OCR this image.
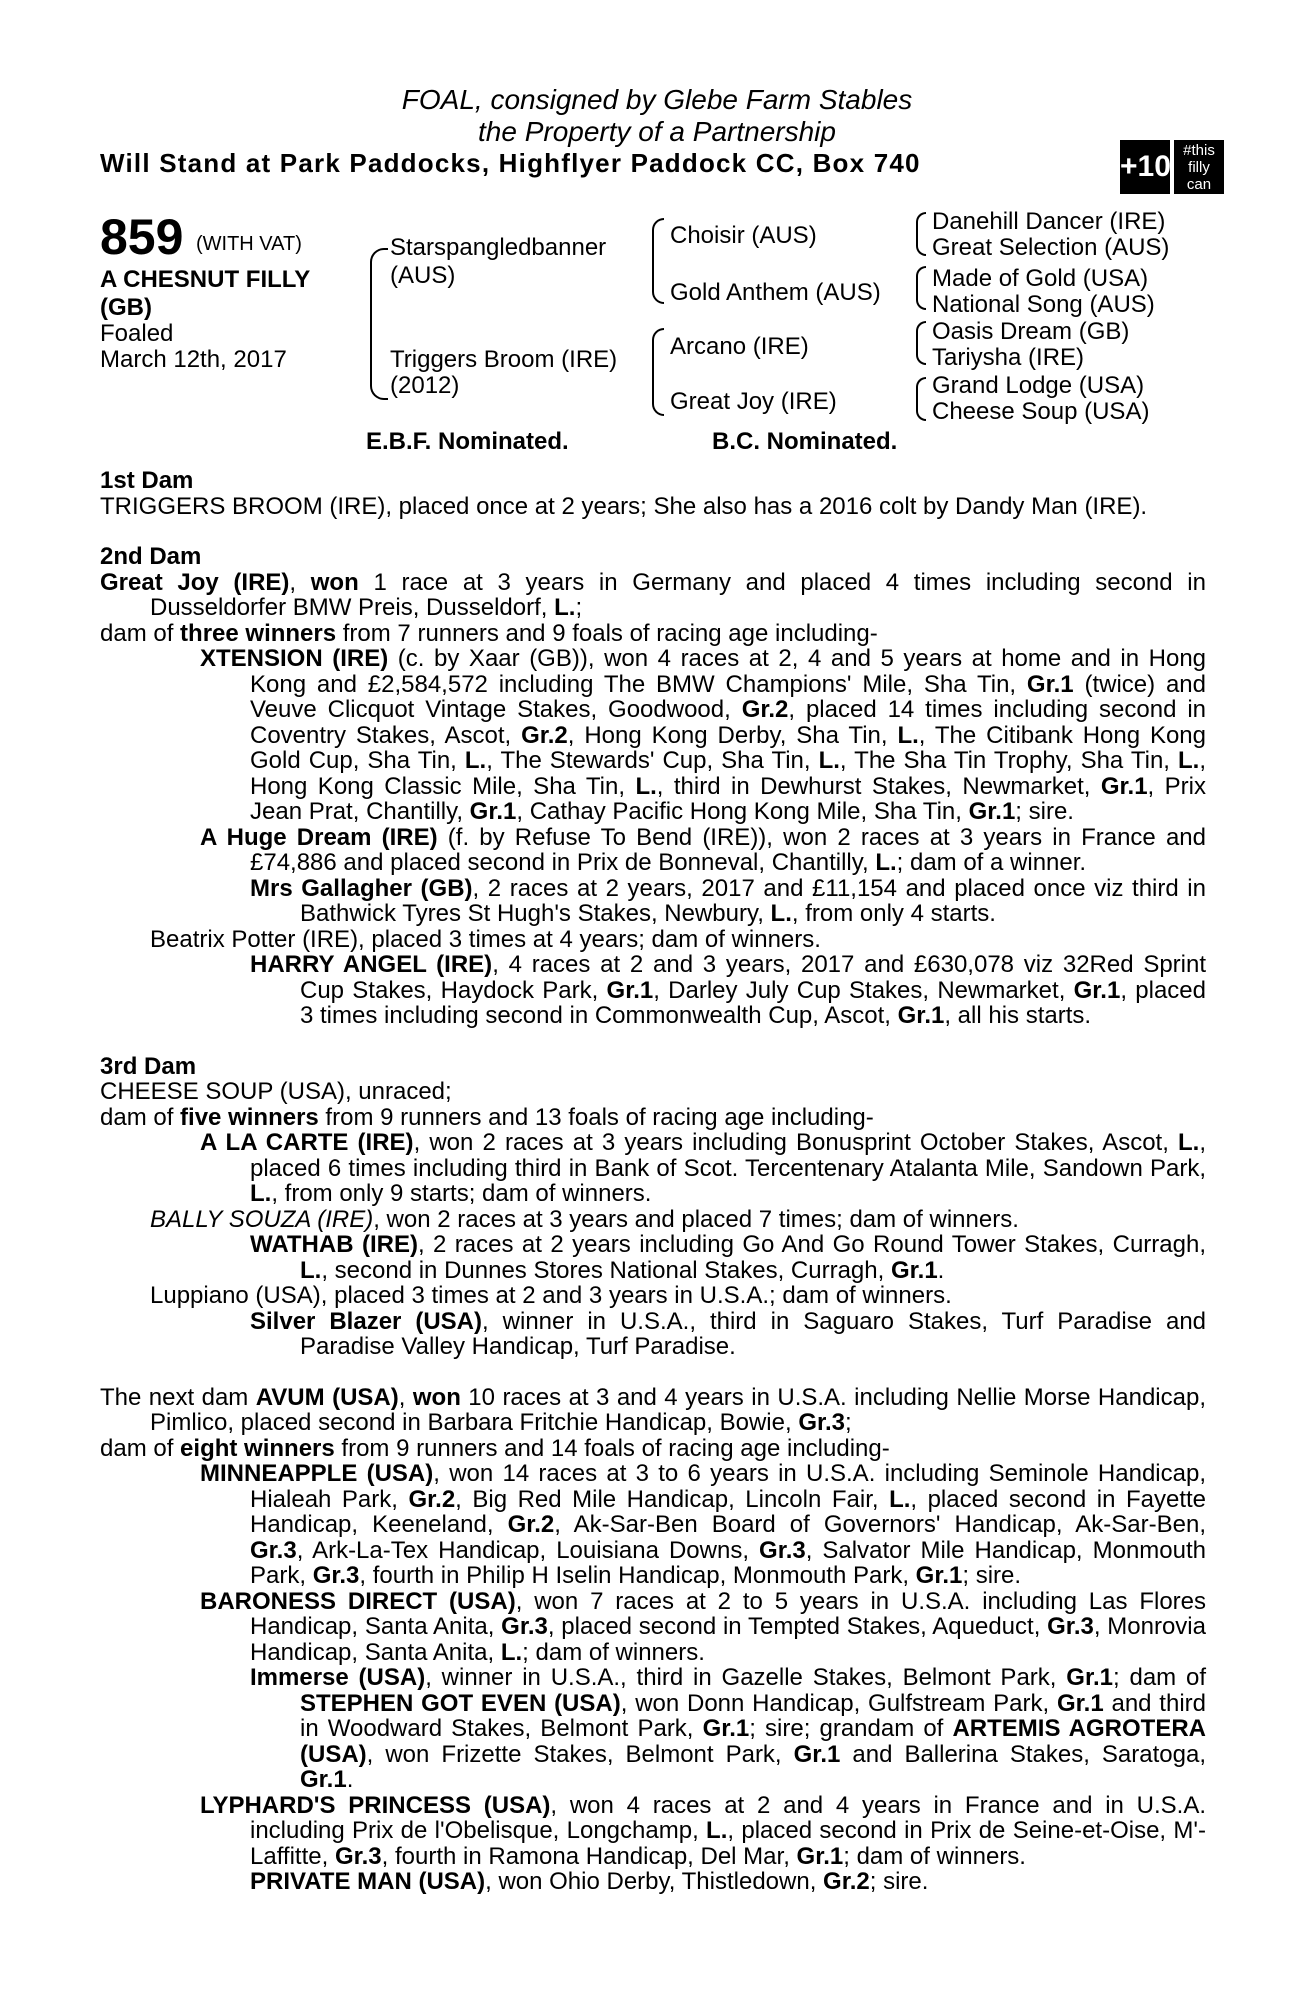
FOAL, consigned by Glebe Farm Stables
the Property of a Partnership
Will Stand at Park Paddocks, Highflyer Paddock CC, Box 740	+10 #this filly can
859 (WITH VAT)
A CHESNUT FILLY
(GB)
Foaled
March 12th, 2017
Starspangledbanner
(AUS)
Triggers Broom (IRE)
(2012)
Choisir (AUS)
Gold Anthem (AUS)
Arcano (IRE)
Great Joy (IRE)
Danehill Dancer (IRE)
Great Selection (AUS)
Made of Gold (USA)
National Song (AUS)
Oasis Dream (GB)
Tariysha (IRE)
Grand Lodge (USA)
Cheese Soup (USA)
E.B.F. Nominated.	B.C. Nominated.

1st Dam

TRIGGERS BROOM (IRE), placed once at 2 years; She also has a 2016 colt by Dandy Man (IRE).

2nd Dam

Great Joy (IRE), won 1 race at 3 years in Germany and placed 4 times including second in Dusseldorfer BMW Preis, Dusseldorf, L.;

dam of three winners from 7 runners and 9 foals of racing age including-

XTENSION (IRE) (c. by Xaar (GB)), won 4 races at 2, 4 and 5 years at home and in Hong Kong and £2,584,572 including The BMW Champions' Mile, Sha Tin, Gr.1 (twice) and Veuve Clicquot Vintage Stakes, Goodwood, Gr.2, placed 14 times including second in Coventry Stakes, Ascot, Gr.2, Hong Kong Derby, Sha Tin, L., The Citibank Hong Kong Gold Cup, Sha Tin, L., The Stewards' Cup, Sha Tin, L., The Sha Tin Trophy, Sha Tin, L., Hong Kong Classic Mile, Sha Tin, L., third in Dewhurst Stakes, Newmarket, Gr.1, Prix Jean Prat, Chantilly, Gr.1, Cathay Pacific Hong Kong Mile, Sha Tin, Gr.1; sire.

A Huge Dream (IRE) (f. by Refuse To Bend (IRE)), won 2 races at 3 years in France and £74,886 and placed second in Prix de Bonneval, Chantilly, L.; dam of a winner.

Mrs Gallagher (GB), 2 races at 2 years, 2017 and £11,154 and placed once viz third in Bathwick Tyres St Hugh's Stakes, Newbury, L., from only 4 starts.

Beatrix Potter (IRE), placed 3 times at 4 years; dam of winners.

HARRY ANGEL (IRE), 4 races at 2 and 3 years, 2017 and £630,078 viz 32Red Sprint Cup Stakes, Haydock Park, Gr.1, Darley July Cup Stakes, Newmarket, Gr.1, placed 3 times including second in Commonwealth Cup, Ascot, Gr.1, all his starts.

3rd Dam

CHEESE SOUP (USA), unraced;

dam of five winners from 9 runners and 13 foals of racing age including-

A LA CARTE (IRE), won 2 races at 3 years including Bonusprint October Stakes, Ascot, L., placed 6 times including third in Bank of Scot. Tercentenary Atalanta Mile, Sandown Park, L., from only 9 starts; dam of winners.

BALLY SOUZA (IRE), won 2 races at 3 years and placed 7 times; dam of winners.

WATHAB (IRE), 2 races at 2 years including Go And Go Round Tower Stakes, Curragh, L., second in Dunnes Stores National Stakes, Curragh, Gr.1.

Luppiano (USA), placed 3 times at 2 and 3 years in U.S.A.; dam of winners.

Silver Blazer (USA), winner in U.S.A., third in Saguaro Stakes, Turf Paradise and Paradise Valley Handicap, Turf Paradise.

The next dam AVUM (USA), won 10 races at 3 and 4 years in U.S.A. including Nellie Morse Handicap, Pimlico, placed second in Barbara Fritchie Handicap, Bowie, Gr.3;

dam of eight winners from 9 runners and 14 foals of racing age including-

MINNEAPPLE (USA), won 14 races at 3 to 6 years in U.S.A. including Seminole Handicap, Hialeah Park, Gr.2, Big Red Mile Handicap, Lincoln Fair, L., placed second in Fayette Handicap, Keeneland, Gr.2, Ak-Sar-Ben Board of Governors' Handicap, Ak-Sar-Ben, Gr.3, Ark-La-Tex Handicap, Louisiana Downs, Gr.3, Salvator Mile Handicap, Monmouth Park, Gr.3, fourth in Philip H Iselin Handicap, Monmouth Park, Gr.1; sire.

BARONESS DIRECT (USA), won 7 races at 2 to 5 years in U.S.A. including Las Flores Handicap, Santa Anita, Gr.3, placed second in Tempted Stakes, Aqueduct, Gr.3, Monrovia Handicap, Santa Anita, L.; dam of winners.

Immerse (USA), winner in U.S.A., third in Gazelle Stakes, Belmont Park, Gr.1; dam of STEPHEN GOT EVEN (USA), won Donn Handicap, Gulfstream Park, Gr.1 and third in Woodward Stakes, Belmont Park, Gr.1; sire; grandam of ARTEMIS AGROTERA (USA), won Frizette Stakes, Belmont Park, Gr.1 and Ballerina Stakes, Saratoga, Gr.1.

LYPHARD'S PRINCESS (USA), won 4 races at 2 and 4 years in France and in U.S.A. including Prix de l'Obelisque, Longchamp, L., placed second in Prix de Seine-et-Oise, M'-Laffitte, Gr.3, fourth in Ramona Handicap, Del Mar, Gr.1; dam of winners.

PRIVATE MAN (USA), won Ohio Derby, Thistledown, Gr.2; sire.
